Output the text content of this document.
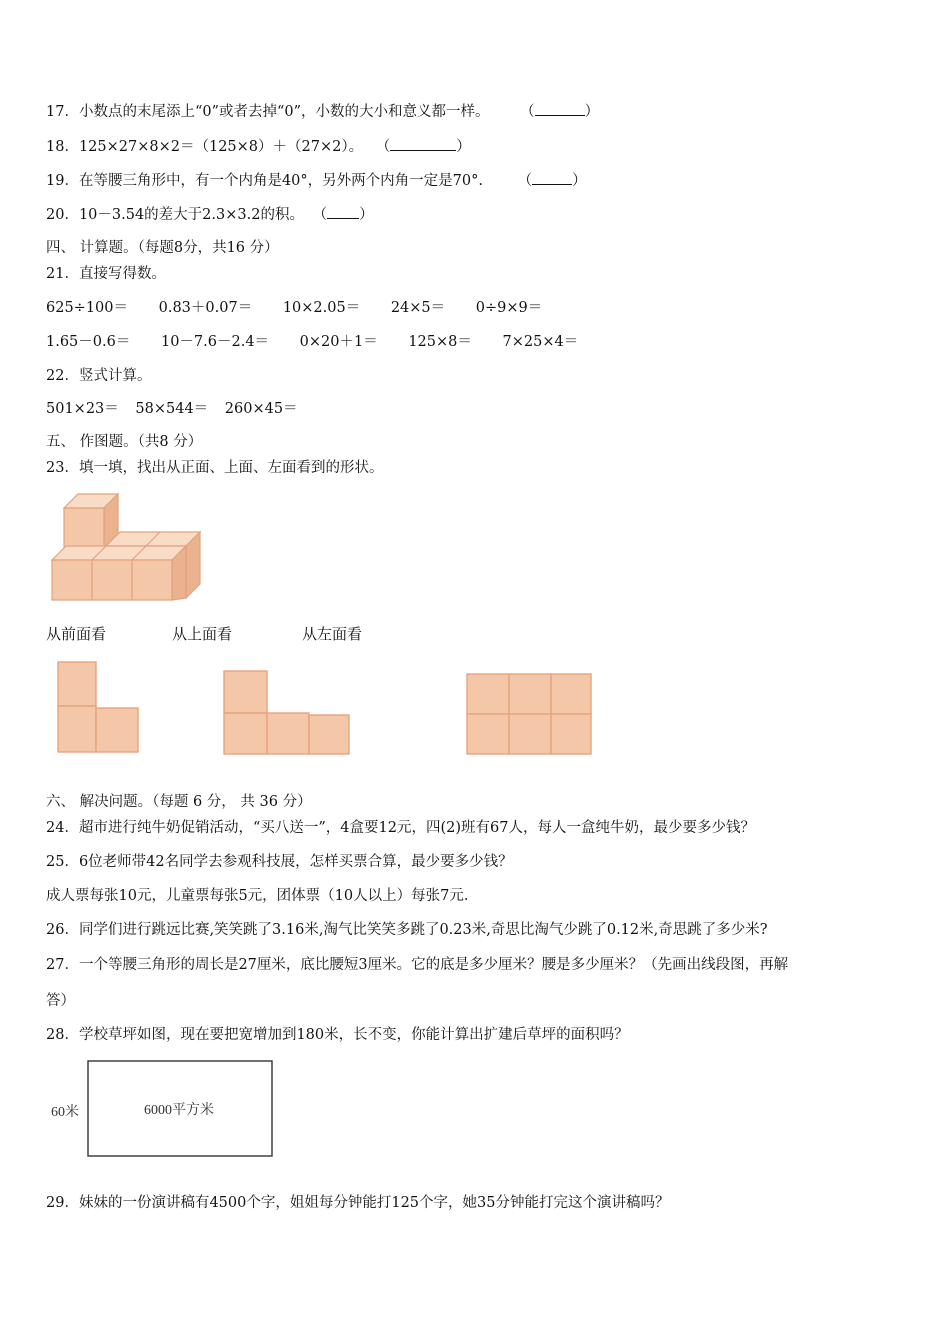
17．小数点的末尾添上“0”或者去掉“0”，小数的大小和意义都一样。 （	）
18．125×27×8×2＝（125×8）＋（27×2）。 （	）
19．在等腰三角形中，有一个内角是40°，另外两个内角一定是70°. （	）
20．10－3.54的差大于2.3×3.2的积。 （ ）
四、 计算题。（每题8分，共16 分）
21．直接写得数。
625÷100＝ 0.83＋0.07＝ 10×2.05＝ 24×5＝ 0÷9×9＝
1.65－0.6＝ 10－7.6－2.4＝ 0×20＋1＝ 125×8＝ 7×25×4＝
22．竖式计算。
501×23＝ 58×544＝ 260×45＝
五、 作图题。（共8 分）
23．填一填，找出从正面、上面、左面看到的形状。
从前面看	从上面看	从左面看
六、 解决问题。（每题 6 分， 共 36 分）
24．超市进行纯牛奶促销活动，“买八送一”，4盒要12元，四(2)班有67人，每人一盒纯牛奶，最少要多少钱？
25．6位老师带42名同学去参观科技展，怎样买票合算，最少要多少钱？
成人票每张10元，儿童票每张5元，团体票（10人以上）每张7元.
26．同学们进行跳远比赛,笑笑跳了3.16米,淘气比笑笑多跳了0.23米,奇思比淘气少跳了0.12米,奇思跳了多少米?
27．一个等腰三角形的周长是27厘米，底比腰短3厘米。它的底是多少厘米？腰是多少厘米？（先画出线段图，再解
答）
28．学校草坪如图，现在要把宽增加到180米，长不变，你能计算出扩建后草坪的面积吗？
60米	6000平方米
29．妹妹的一份演讲稿有4500个字，姐姐每分钟能打125个字，她35分钟能打完这个演讲稿吗？
